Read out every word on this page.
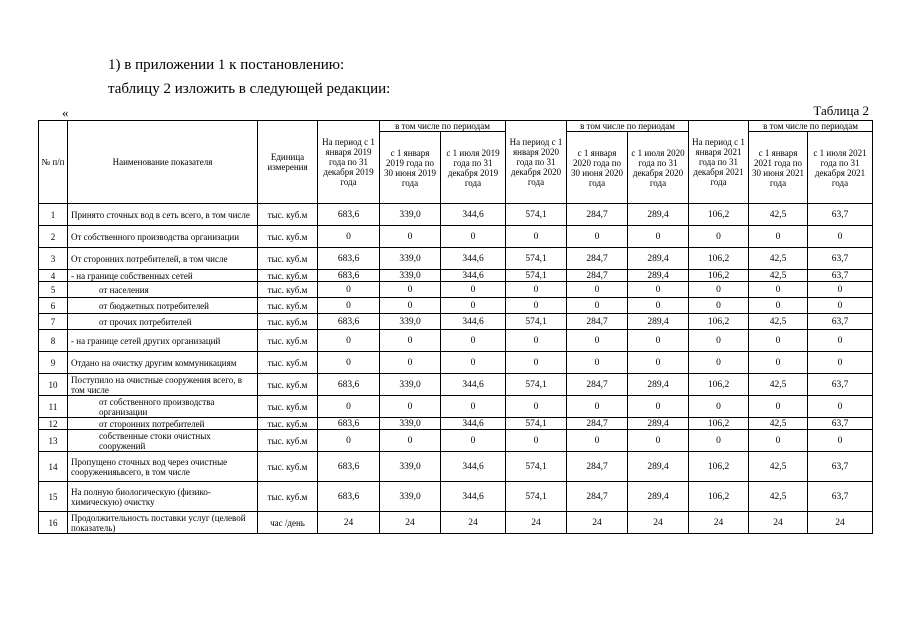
1) в приложении 1 к постановлению:
таблицу 2 изложить в следующей редакции:
«	Таблица 2
№ п/п	Наименование показателя	Единица измерения	На период с 1 января 2019 года по 31 декабря 2019 года	в том числе по периодам		На период с 1 января 2020 года по 31 декабря 2020 года	в том числе по периодам		На период с 1 января 2021 года по 31 декабря 2021 года	в том числе по периодам	
				с 1 января 2019 года по 30 июня 2019 года	с 1 июля 2019 года по 31 декабря 2019 года		с 1 января 2020 года по 30 июня 2020 года	с 1 июля 2020 года по 31 декабря 2020 года		с 1 января 2021 года по 30 июня 2021 года	с 1 июля 2021 года по 31 декабря 2021 года
1	Принято сточных вод в сеть всего, в том числе	тыс. куб.м	683,6	339,0	344,6	574,1	284,7	289,4	106,2	42,5	63,7
2	От собственного производства организации	тыс. куб.м	0	0	0	0	0	0	0	0	0
3	От сторонних потребителей, в том числе	тыс. куб.м	683,6	339,0	344,6	574,1	284,7	289,4	106,2	42,5	63,7
4	- на границе собственных сетей	тыс. куб.м	683,6	339,0	344,6	574,1	284,7	289,4	106,2	42,5	63,7
5	от населения	тыс. куб.м	0	0	0	0	0	0	0	0	0
6	от бюджетных потребителей	тыс. куб.м	0	0	0	0	0	0	0	0	0
7	от прочих потребителей	тыс. куб.м	683,6	339,0	344,6	574,1	284,7	289,4	106,2	42,5	63,7
8	- на границе сетей других организаций	тыс. куб.м	0	0	0	0	0	0	0	0	0
9	Отдано на очистку другим коммуникациям	тыс. куб.м	0	0	0	0	0	0	0	0	0
10	Поступило на очистные сооружения всего, в том числе	тыс. куб.м	683,6	339,0	344,6	574,1	284,7	289,4	106,2	42,5	63,7
11	от собственного производства организации	тыс. куб.м	0	0	0	0	0	0	0	0	0
12	от сторонних потребителей	тыс. куб.м	683,6	339,0	344,6	574,1	284,7	289,4	106,2	42,5	63,7
13	собственные стоки очистных сооружений	тыс. куб.м	0	0	0	0	0	0	0	0	0
14	Пропущено сточных вод через очистные сооруженияьвсего, в том числе	тыс. куб.м	683,6	339,0	344,6	574,1	284,7	289,4	106,2	42,5	63,7
15	На полную биологическую (физико-химическую) очистку	тыс. куб.м	683,6	339,0	344,6	574,1	284,7	289,4	106,2	42,5	63,7
16	Продолжительность поставки услуг (целевой показатель)	час /день	24	24	24	24	24	24	24	24	24
